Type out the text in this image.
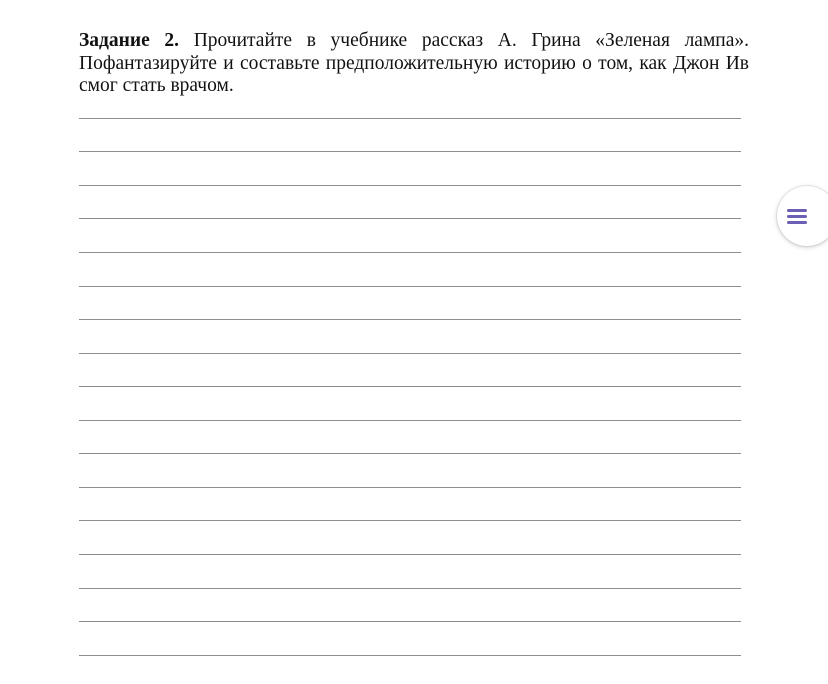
Задание 2. Прочитайте в учебнике рассказ А. Грина «Зеленая лампа». Пофантазируйте и составьте предположительную историю о том, как Джон Ив смог стать врачом.
